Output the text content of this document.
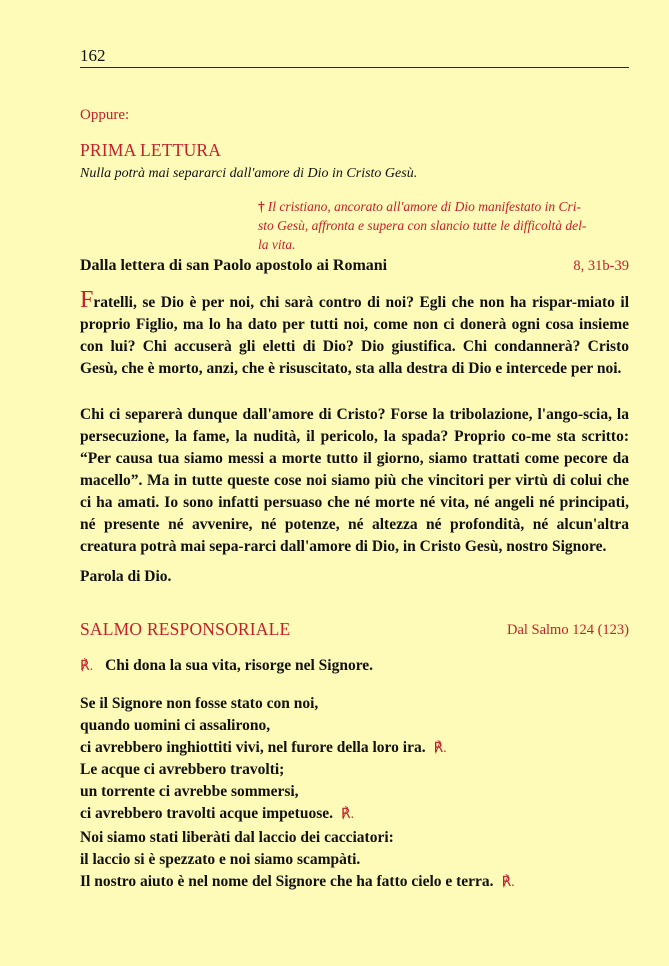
162
Oppure:
PRIMA LETTURA
Nulla potrà mai separarci dall'amore di Dio in Cristo Gesù.
† Il cristiano, ancorato all'amore di Dio manifestato in Cri-
sto Gesù, affronta e supera con slancio tutte le difficoltà del-
la vita.
Dalla lettera di san Paolo apostolo ai Romani	8, 31b-39

Fratelli, se Dio è per noi, chi sarà contro di noi? Egli che non ha rispar-miato il proprio Figlio, ma lo ha dato per tutti noi, come non ci donerà ogni cosa insieme con lui? Chi accuserà gli eletti di Dio? Dio giustifica. Chi condannerà? Cristo Gesù, che è morto, anzi, che è risuscitato, sta alla destra di Dio e intercede per noi.

Chi ci separerà dunque dall'amore di Cristo? Forse la tribolazione, l'ango-scia, la persecuzione, la fame, la nudità, il pericolo, la spada? Proprio co-me sta scritto: “Per causa tua siamo messi a morte tutto il giorno, siamo trattati come pecore da macello”. Ma in tutte queste cose noi siamo più che vincitori per virtù di colui che ci ha amati. Io sono infatti persuaso che né morte né vita, né angeli né principati, né presente né avvenire, né potenze, né altezza né profondità, né alcun'altra creatura potrà mai sepa-rarci dall'amore di Dio, in Cristo Gesù, nostro Signore.

Parola di Dio.

SALMO RESPONSORIALE	Dal Salmo 124 (123)
℟. Chi dona la sua vita, risorge nel Signore.
Se il Signore non fosse stato con noi,
quando uomini ci assalirono,
ci avrebbero inghiottiti vivi, nel furore della loro ira. ℟.
Le acque ci avrebbero travolti;
un torrente ci avrebbe sommersi,
ci avrebbero travolti acque impetuose. ℟.
Noi siamo stati liberàti dal laccio dei cacciatori:
il laccio si è spezzato e noi siamo scampàti.
Il nostro aiuto è nel nome del Signore che ha fatto cielo e terra. ℟.
